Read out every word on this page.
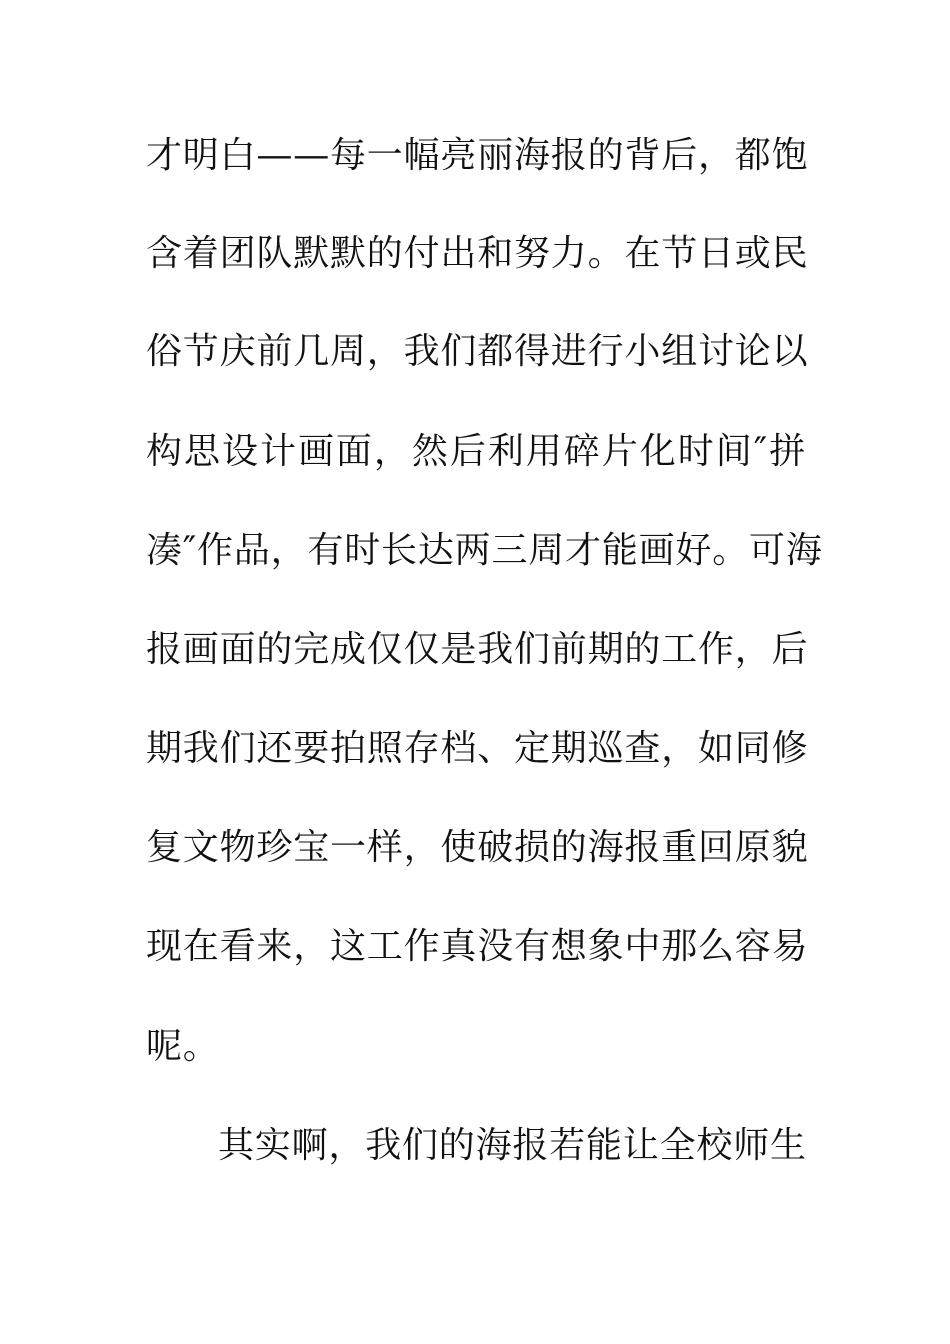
才明白——每一幅亮丽海报的背后，都饱
含着团队默默的付出和努力。在节日或民
俗节庆前几周，我们都得进行小组讨论以
构思设计画面，然后利用碎片化时间″拼
凑″作品，有时长达两三周才能画好。可海
报画面的完成仅仅是我们前期的工作，后
期我们还要拍照存档、定期巡查，如同修
复文物珍宝一样，使破损的海报重回原貌
现在看来，这工作真没有想象中那么容易
呢。
其实啊，我们的海报若能让全校师生
